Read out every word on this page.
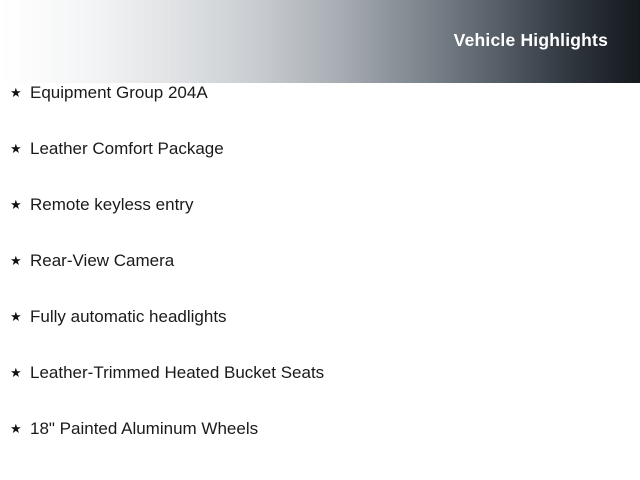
Vehicle Highlights
★ Equipment Group 204A
★ Leather Comfort Package
★ Remote keyless entry
★ Rear-View Camera
★ Fully automatic headlights
★ Leather-Trimmed Heated Bucket Seats
★ 18" Painted Aluminum Wheels
